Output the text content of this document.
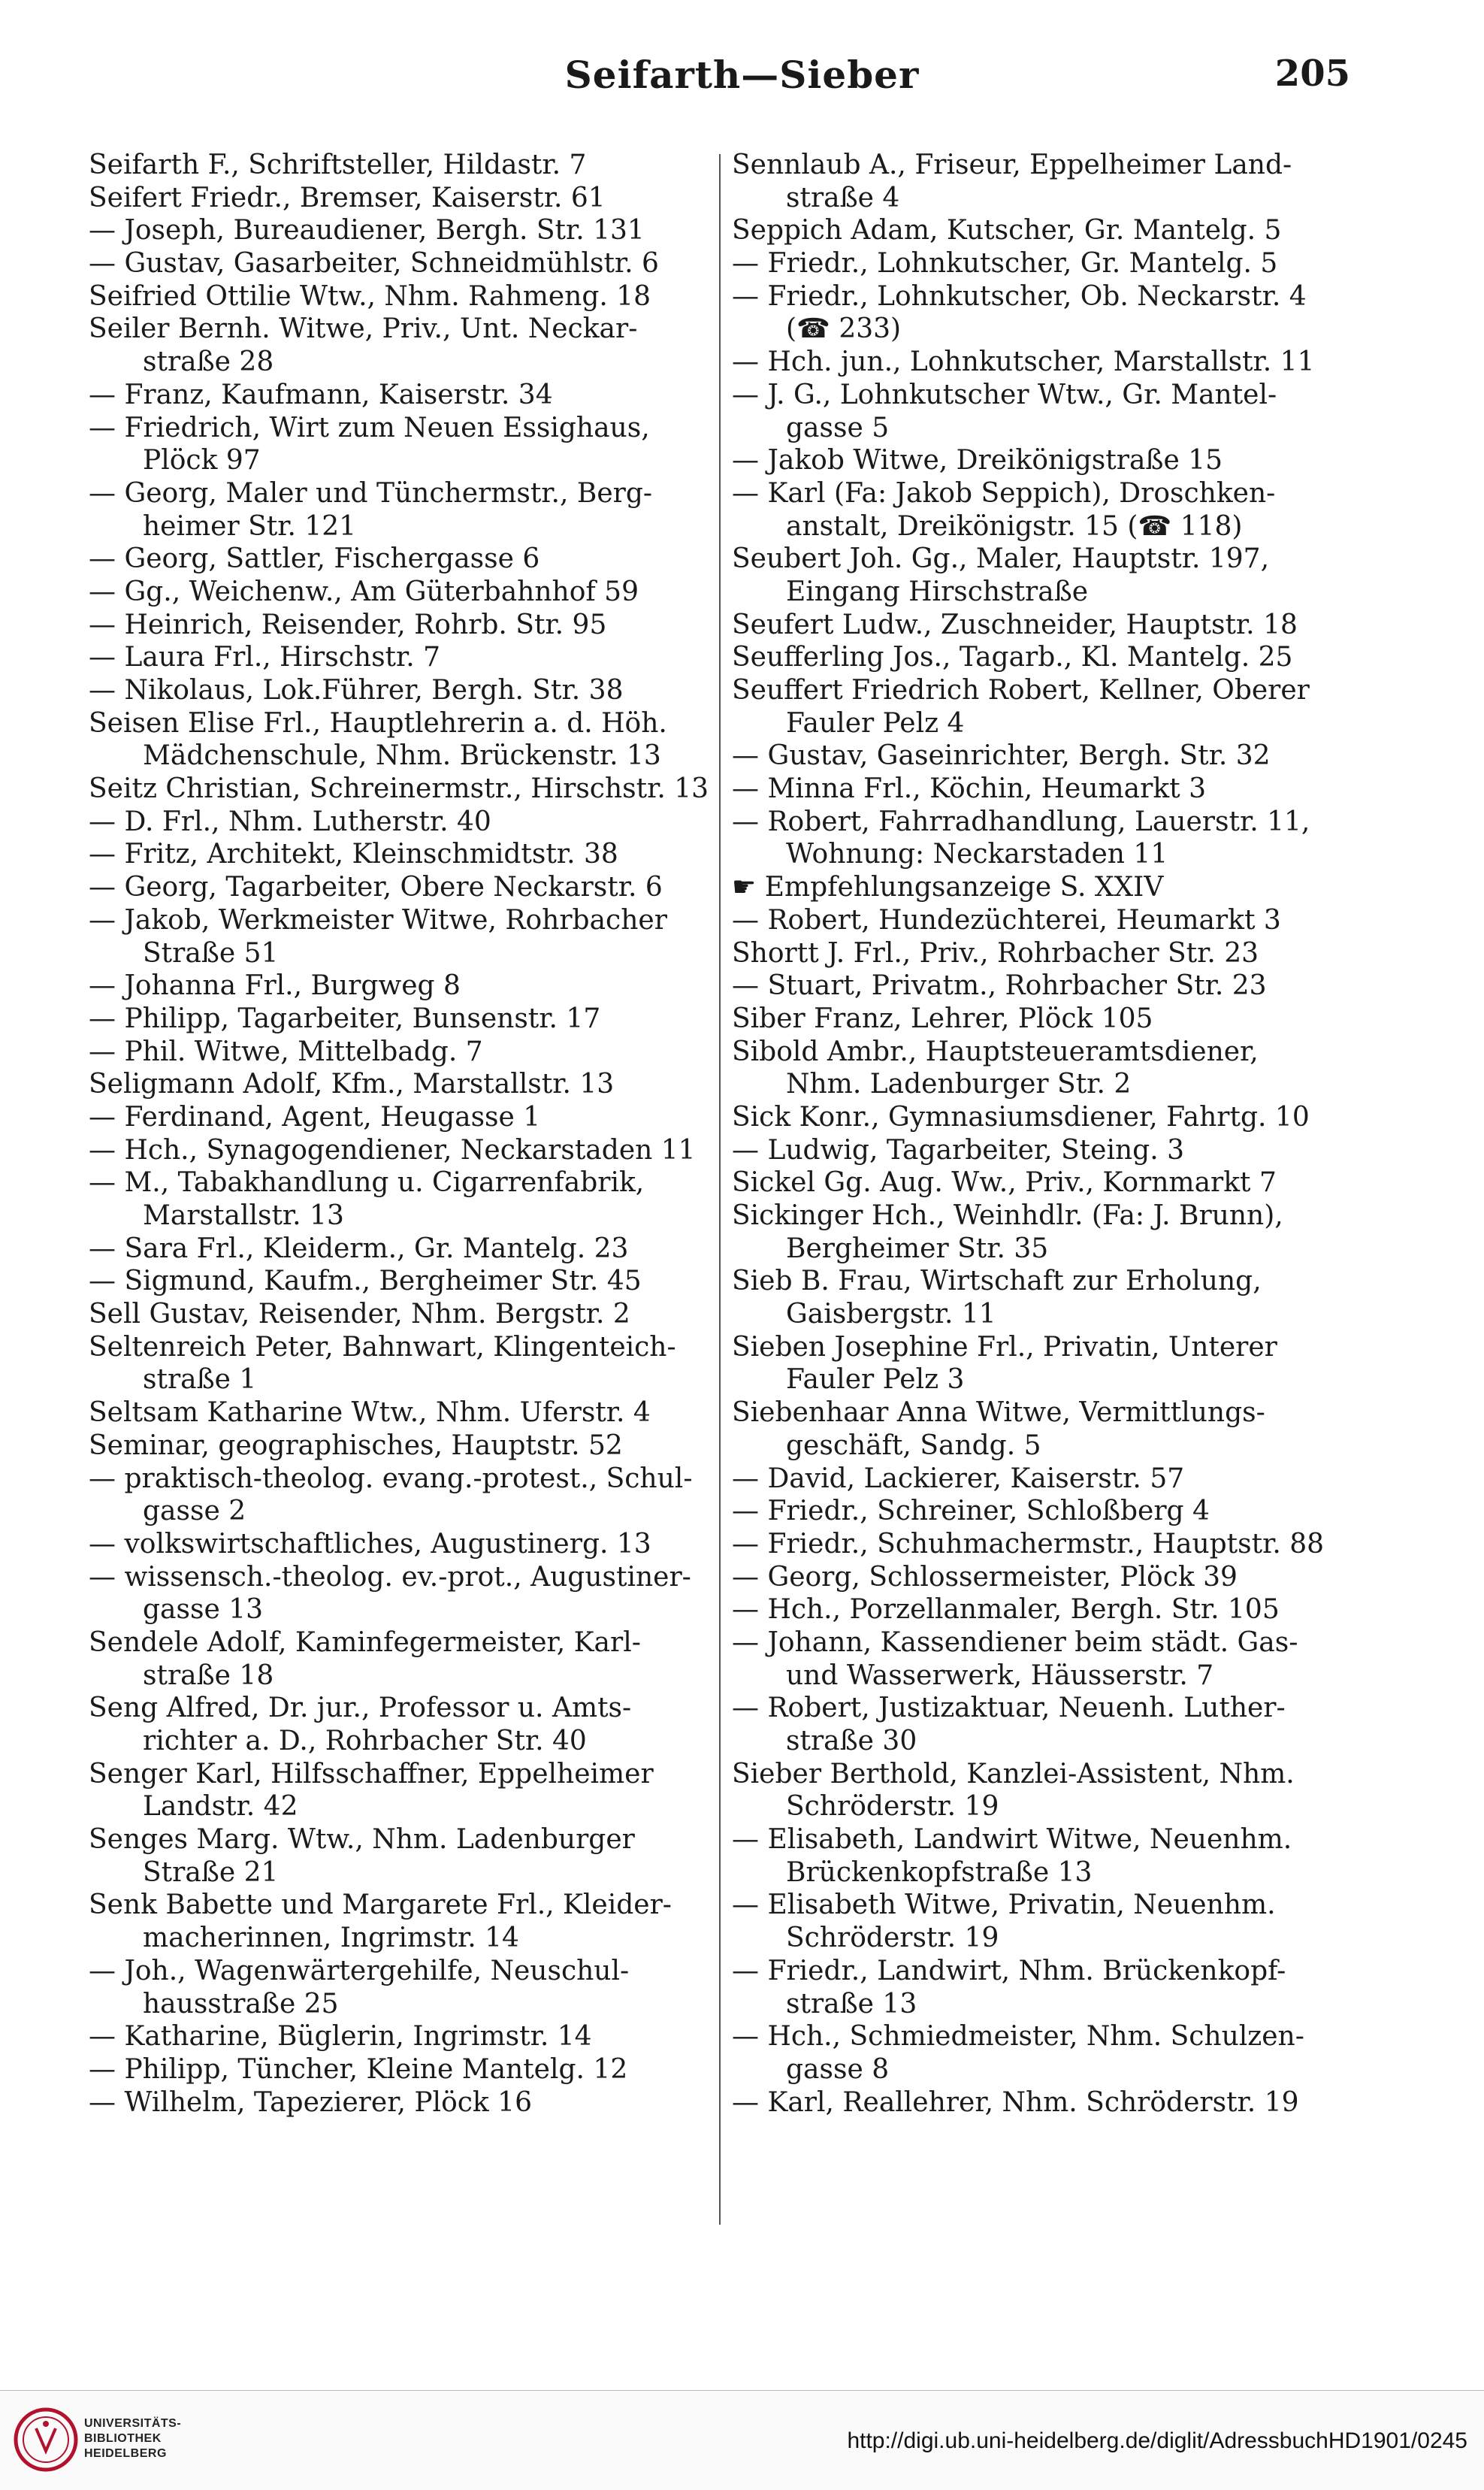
Seifarth—Sieber	205
Seifarth F., Schriftsteller, Hildastr. 7
Seifert Friedr., Bremser, Kaiserstr. 61
— Joseph, Bureaudiener, Bergh. Str. 131
— Gustav, Gasarbeiter, Schneidmühlstr. 6
Seifried Ottilie Wtw., Nhm. Rahmeng. 18
Seiler Bernh. Witwe, Priv., Unt. Neckar-
straße 28
— Franz, Kaufmann, Kaiserstr. 34
— Friedrich, Wirt zum Neuen Essighaus,
Plöck 97
— Georg, Maler und Tünchermstr., Berg-
heimer Str. 121
— Georg, Sattler, Fischergasse 6
— Gg., Weichenw., Am Güterbahnhof 59
— Heinrich, Reisender, Rohrb. Str. 95
— Laura Frl., Hirschstr. 7
— Nikolaus, Lok.Führer, Bergh. Str. 38
Seisen Elise Frl., Hauptlehrerin a. d. Höh.
Mädchenschule, Nhm. Brückenstr. 13
Seitz Christian, Schreinermstr., Hirschstr. 13
— D. Frl., Nhm. Lutherstr. 40
— Fritz, Architekt, Kleinschmidtstr. 38
— Georg, Tagarbeiter, Obere Neckarstr. 6
— Jakob, Werkmeister Witwe, Rohrbacher
Straße 51
— Johanna Frl., Burgweg 8
— Philipp, Tagarbeiter, Bunsenstr. 17
— Phil. Witwe, Mittelbadg. 7
Seligmann Adolf, Kfm., Marstallstr. 13
— Ferdinand, Agent, Heugasse 1
— Hch., Synagogendiener, Neckarstaden 11
— M., Tabakhandlung u. Cigarrenfabrik,
Marstallstr. 13
— Sara Frl., Kleiderm., Gr. Mantelg. 23
— Sigmund, Kaufm., Bergheimer Str. 45
Sell Gustav, Reisender, Nhm. Bergstr. 2
Seltenreich Peter, Bahnwart, Klingenteich-
straße 1
Seltsam Katharine Wtw., Nhm. Uferstr. 4
Seminar, geographisches, Hauptstr. 52
— praktisch-theolog. evang.-protest., Schul-
gasse 2
— volkswirtschaftliches, Augustinerg. 13
— wissensch.-theolog. ev.-prot., Augustiner-
gasse 13
Sendele Adolf, Kaminfegermeister, Karl-
straße 18
Seng Alfred, Dr. jur., Professor u. Amts-
richter a. D., Rohrbacher Str. 40
Senger Karl, Hilfsschaffner, Eppelheimer
Landstr. 42
Senges Marg. Wtw., Nhm. Ladenburger
Straße 21
Senk Babette und Margarete Frl., Kleider-
macherinnen, Ingrimstr. 14
— Joh., Wagenwärtergehilfe, Neuschul-
hausstraße 25
— Katharine, Büglerin, Ingrimstr. 14
— Philipp, Tüncher, Kleine Mantelg. 12
— Wilhelm, Tapezierer, Plöck 16
Sennlaub A., Friseur, Eppelheimer Land-
straße 4
Seppich Adam, Kutscher, Gr. Mantelg. 5
— Friedr., Lohnkutscher, Gr. Mantelg. 5
— Friedr., Lohnkutscher, Ob. Neckarstr. 4
(☎ 233)
— Hch. jun., Lohnkutscher, Marstallstr. 11
— J. G., Lohnkutscher Wtw., Gr. Mantel-
gasse 5
— Jakob Witwe, Dreikönigstraße 15
— Karl (Fa: Jakob Seppich), Droschken-
anstalt, Dreikönigstr. 15 (☎ 118)
Seubert Joh. Gg., Maler, Hauptstr. 197,
Eingang Hirschstraße
Seufert Ludw., Zuschneider, Hauptstr. 18
Seufferling Jos., Tagarb., Kl. Mantelg. 25
Seuffert Friedrich Robert, Kellner, Oberer
Fauler Pelz 4
— Gustav, Gaseinrichter, Bergh. Str. 32
— Minna Frl., Köchin, Heumarkt 3
— Robert, Fahrradhandlung, Lauerstr. 11,
Wohnung: Neckarstaden 11
☛ Empfehlungsanzeige S. XXIV
— Robert, Hundezüchterei, Heumarkt 3
Shortt J. Frl., Priv., Rohrbacher Str. 23
— Stuart, Privatm., Rohrbacher Str. 23
Siber Franz, Lehrer, Plöck 105
Sibold Ambr., Hauptsteueramtsdiener,
Nhm. Ladenburger Str. 2
Sick Konr., Gymnasiumsdiener, Fahrtg. 10
— Ludwig, Tagarbeiter, Steing. 3
Sickel Gg. Aug. Ww., Priv., Kornmarkt 7
Sickinger Hch., Weinhdlr. (Fa: J. Brunn),
Bergheimer Str. 35
Sieb B. Frau, Wirtschaft zur Erholung,
Gaisbergstr. 11
Sieben Josephine Frl., Privatin, Unterer
Fauler Pelz 3
Siebenhaar Anna Witwe, Vermittlungs-
geschäft, Sandg. 5
— David, Lackierer, Kaiserstr. 57
— Friedr., Schreiner, Schloßberg 4
— Friedr., Schuhmachermstr., Hauptstr. 88
— Georg, Schlossermeister, Plöck 39
— Hch., Porzellanmaler, Bergh. Str. 105
— Johann, Kassendiener beim städt. Gas-
und Wasserwerk, Häusserstr. 7
— Robert, Justizaktuar, Neuenh. Luther-
straße 30
Sieber Berthold, Kanzlei-Assistent, Nhm.
Schröderstr. 19
— Elisabeth, Landwirt Witwe, Neuenhm.
Brückenkopfstraße 13
— Elisabeth Witwe, Privatin, Neuenhm.
Schröderstr. 19
— Friedr., Landwirt, Nhm. Brückenkopf-
straße 13
— Hch., Schmiedmeister, Nhm. Schulzen-
gasse 8
— Karl, Reallehrer, Nhm. Schröderstr. 19
UNIVERSITÄTS-
BIBLIOTHEK
HEIDELBERG
http://digi.ub.uni-heidelberg.de/diglit/AdressbuchHD1901/0245
